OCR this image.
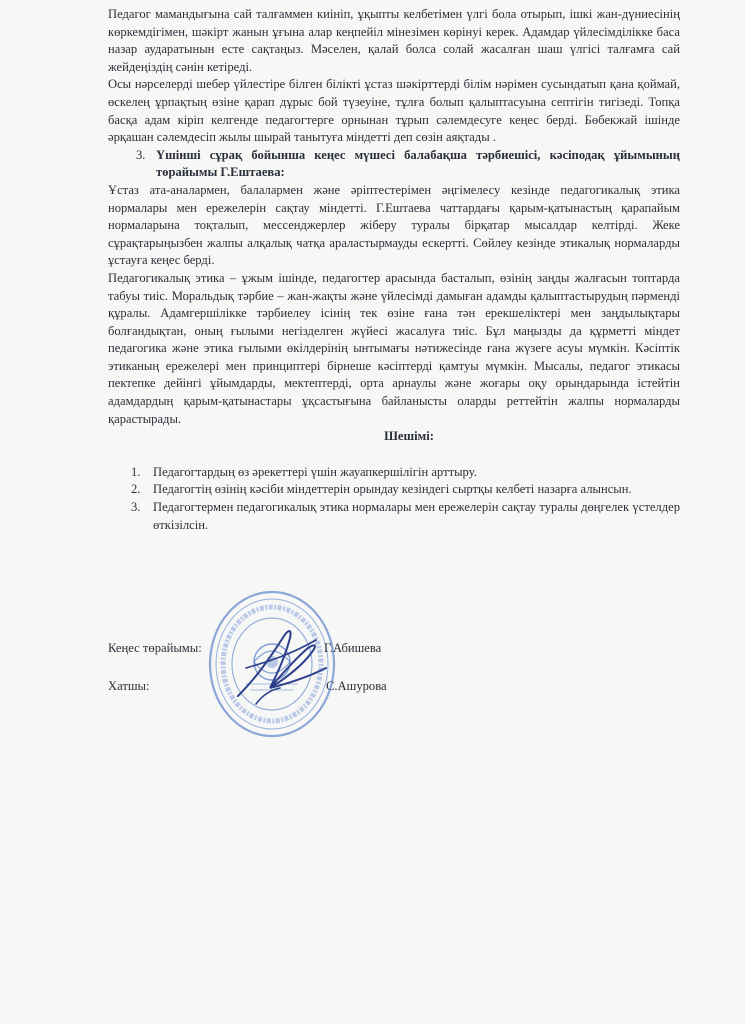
Педагог мамандығына сай талғаммен киініп, ұқыпты келбетімен үлгі бола отырып, ішкі жан-дүниесінің көркемдігімен, шәкірт жанын ұғына алар кеңпейіл мінезімен көрінуі керек. Адамдар үйлесімділікке баса назар аударатынын есте сақтаңыз. Мәселен, қалай болса солай жасалған шаш үлгісі талғамға сай жейдеңіздің сәнін кетіреді.

Осы нәрселерді шебер үйлестіре білген білікті ұстаз шәкірттерді білім нәрімен сусындатып қана қоймай, өскелең ұрпақтың өзіне қарап дұрыс бой түзеуіне, тұлға болып қалыптасуына септігін тигізеді. Топқа басқа адам кіріп келгенде педагогтерге орнынан тұрып сәлемдесуге кеңес берді. Бөбекжай ішінде әрқашан сәлемдесіп жылы шырай танытуға міндетті деп сөзін аяқтады .

3. Үшінші сұрақ бойынша кеңес мүшесі балабақша тәрбиешісі, кәсіподақ ұйымының төрайымы Г.Ештаева:

Ұстаз ата-аналармен, балалармен және әріптестерімен әңгімелесу кезінде педагогикалық этика нормалары мен ережелерін сақтау міндетті. Г.Ештаева чаттардағы қарым-қатынастың қарапайым нормаларына тоқталып, мессенджерлер жіберу туралы бірқатар мысалдар келтірді. Жеке сұрақтарыңызбен жалпы алқалық чатқа араластырмауды ескертті. Сөйлеу кезінде этикалық нормаларды ұстауға кеңес берді.

Педагогикалық этика – ұжым ішінде, педагогтер арасында басталып, өзінің заңды жалғасын топтарда табуы тиіс. Моральдық тәрбие – жан-жақты және үйлесімді дамыған адамды қалыптастырудың пәрменді құралы. Адамгершілікке тәрбиелеу ісінің тек өзіне ғана тән ерекшеліктері мен заңдылықтары болғандықтан, оның ғылыми негізделген жүйесі жасалуға тиіс. Бұл маңызды да құрметті міндет педагогика және этика ғылыми өкілдерінің ынтымағы нәтижесінде ғана жүзеге асуы мүмкін. Кәсіптік этиканың ережелері мен принциптері бірнеше кәсіптерді қамтуы мүмкін. Мысалы, педагог этикасы пектепке дейінгі ұйымдарды, мектептерді, орта арнаулы және жоғары оқу орындарында істейтін адамдардың қарым-қатынастары ұқсастығына байланысты оларды реттейтін жалпы нормаларды қарастырады.

Шешімі:

1. Педагогтардың өз әрекеттері үшін жауапкершілігін арттыру.
2. Педагогтің өзінің кәсіби міндеттерін орындау кезіндегі сыртқы келбеті назарға алынсын.
3. Педагогтермен педагогикалық этика нормалары мен ережелерін сақтау туралы дөңгелек үстелдер өткізілсін.
Кеңес төрайымы:	Г.Абишева
Хатшы:	С.Ашурова
